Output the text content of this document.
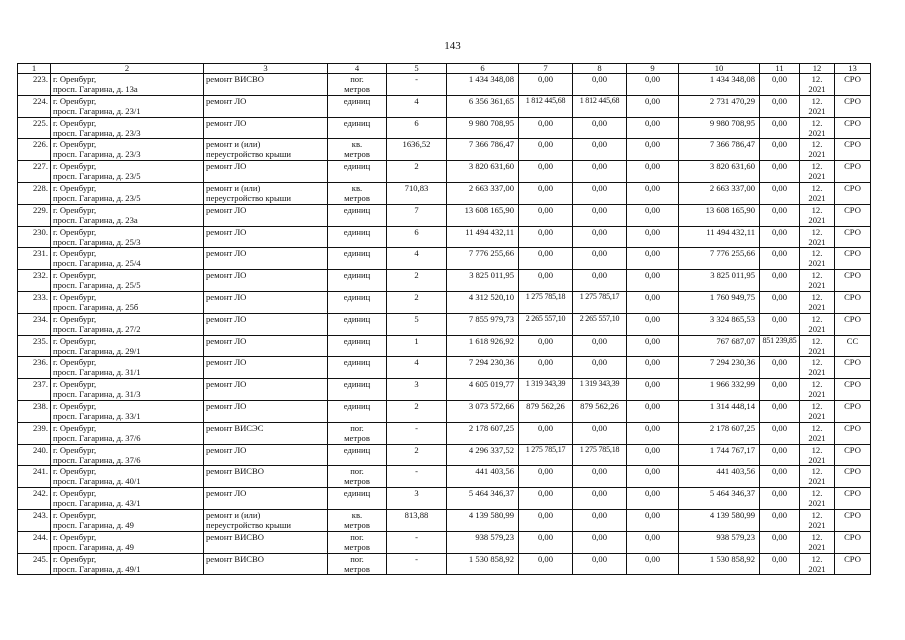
143
1	2	3	4	5	6	7	8	9	10	11	12	13
223.	г. Оренбург,
просп. Гагарина, д. 13а	ремонт ВИСВО	пог.
метров	-	1 434 348,08	0,00	0,00	0,00	1 434 348,08	0,00	12.
2021	СРО
224.	г. Оренбург,
просп. Гагарина, д. 23/1	ремонт ЛО	единиц	4	6 356 361,65	1 812 445,68	1 812 445,68	0,00	2 731 470,29	0,00	12.
2021	СРО
225.	г. Оренбург,
просп. Гагарина, д. 23/3	ремонт ЛО	единиц	6	9 980 708,95	0,00	0,00	0,00	9 980 708,95	0,00	12.
2021	СРО
226.	г. Оренбург,
просп. Гагарина, д. 23/3	ремонт и (или)
переустройство крыши	кв.
метров	1636,52	7 366 786,47	0,00	0,00	0,00	7 366 786,47	0,00	12.
2021	СРО
227.	г. Оренбург,
просп. Гагарина, д. 23/5	ремонт ЛО	единиц	2	3 820 631,60	0,00	0,00	0,00	3 820 631,60	0,00	12.
2021	СРО
228.	г. Оренбург,
просп. Гагарина, д. 23/5	ремонт и (или)
переустройство крыши	кв.
метров	710,83	2 663 337,00	0,00	0,00	0,00	2 663 337,00	0,00	12.
2021	СРО
229.	г. Оренбург,
просп. Гагарина, д. 23а	ремонт ЛО	единиц	7	13 608 165,90	0,00	0,00	0,00	13 608 165,90	0,00	12.
2021	СРО
230.	г. Оренбург,
просп. Гагарина, д. 25/3	ремонт ЛО	единиц	6	11 494 432,11	0,00	0,00	0,00	11 494 432,11	0,00	12.
2021	СРО
231.	г. Оренбург,
просп. Гагарина, д. 25/4	ремонт ЛО	единиц	4	7 776 255,66	0,00	0,00	0,00	7 776 255,66	0,00	12.
2021	СРО
232.	г. Оренбург,
просп. Гагарина, д. 25/5	ремонт ЛО	единиц	2	3 825 011,95	0,00	0,00	0,00	3 825 011,95	0,00	12.
2021	СРО
233.	г. Оренбург,
просп. Гагарина, д. 25б	ремонт ЛО	единиц	2	4 312 520,10	1 275 785,18	1 275 785,17	0,00	1 760 949,75	0,00	12.
2021	СРО
234.	г. Оренбург,
просп. Гагарина, д. 27/2	ремонт ЛО	единиц	5	7 855 979,73	2 265 557,10	2 265 557,10	0,00	3 324 865,53	0,00	12.
2021	СРО
235.	г. Оренбург,
просп. Гагарина, д. 29/1	ремонт ЛО	единиц	1	1 618 926,92	0,00	0,00	0,00	767 687,07	851 239,85	12.
2021	СС
236.	г. Оренбург,
просп. Гагарина, д. 31/1	ремонт ЛО	единиц	4	7 294 230,36	0,00	0,00	0,00	7 294 230,36	0,00	12.
2021	СРО
237.	г. Оренбург,
просп. Гагарина, д. 31/3	ремонт ЛО	единиц	3	4 605 019,77	1 319 343,39	1 319 343,39	0,00	1 966 332,99	0,00	12.
2021	СРО
238.	г. Оренбург,
просп. Гагарина, д. 33/1	ремонт ЛО	единиц	2	3 073 572,66	879 562,26	879 562,26	0,00	1 314 448,14	0,00	12.
2021	СРО
239.	г. Оренбург,
просп. Гагарина, д. 37/6	ремонт ВИСЭС	пог.
метров	-	2 178 607,25	0,00	0,00	0,00	2 178 607,25	0,00	12.
2021	СРО
240.	г. Оренбург,
просп. Гагарина, д. 37/6	ремонт ЛО	единиц	2	4 296 337,52	1 275 785,17	1 275 785,18	0,00	1 744 767,17	0,00	12.
2021	СРО
241.	г. Оренбург,
просп. Гагарина, д. 40/1	ремонт ВИСВО	пог.
метров	-	441 403,56	0,00	0,00	0,00	441 403,56	0,00	12.
2021	СРО
242.	г. Оренбург,
просп. Гагарина, д. 43/1	ремонт ЛО	единиц	3	5 464 346,37	0,00	0,00	0,00	5 464 346,37	0,00	12.
2021	СРО
243.	г. Оренбург,
просп. Гагарина, д. 49	ремонт и (или)
переустройство крыши	кв.
метров	813,88	4 139 580,99	0,00	0,00	0,00	4 139 580,99	0,00	12.
2021	СРО
244.	г. Оренбург,
просп. Гагарина, д. 49	ремонт ВИСВО	пог.
метров	-	938 579,23	0,00	0,00	0,00	938 579,23	0,00	12.
2021	СРО
245.	г. Оренбург,
просп. Гагарина, д. 49/1	ремонт ВИСВО	пог.
метров	-	1 530 858,92	0,00	0,00	0,00	1 530 858,92	0,00	12.
2021	СРО
